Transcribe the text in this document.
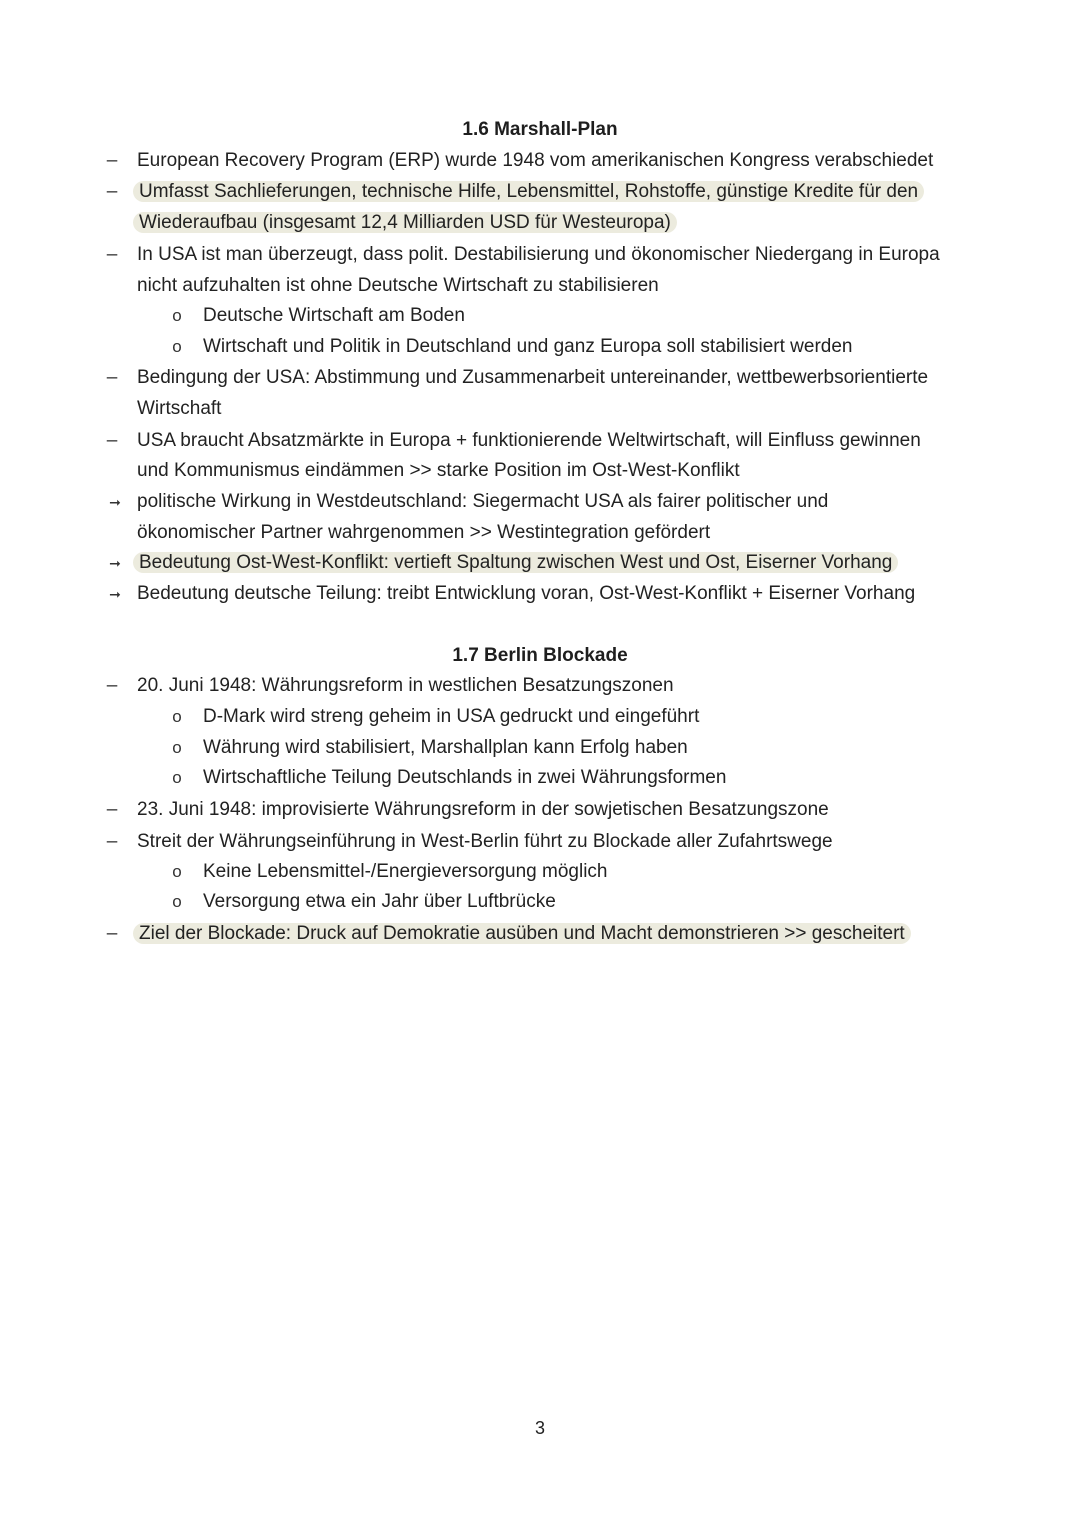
1.6 Marshall-Plan
– European Recovery Program (ERP) wurde 1948 vom amerikanischen Kongress verabschiedet
– Umfasst Sachlieferungen, technische Hilfe, Lebensmittel, Rohstoffe, günstige Kredite für den
Wiederaufbau (insgesamt 12,4 Milliarden USD für Westeuropa)
– In USA ist man überzeugt, dass polit. Destabilisierung und ökonomischer Niedergang in Europa
nicht aufzuhalten ist ohne Deutsche Wirtschaft zu stabilisieren
o Deutsche Wirtschaft am Boden
o Wirtschaft und Politik in Deutschland und ganz Europa soll stabilisiert werden
– Bedingung der USA: Abstimmung und Zusammenarbeit untereinander, wettbewerbsorientierte
Wirtschaft
– USA braucht Absatzmärkte in Europa + funktionierende Weltwirtschaft, will Einfluss gewinnen
und Kommunismus eindämmen >> starke Position im Ost-West-Konflikt
➞ politische Wirkung in Westdeutschland: Siegermacht USA als fairer politischer und
ökonomischer Partner wahrgenommen >> Westintegration gefördert
➞ Bedeutung Ost-West-Konflikt: vertieft Spaltung zwischen West und Ost, Eiserner Vorhang
➞ Bedeutung deutsche Teilung: treibt Entwicklung voran, Ost-West-Konflikt + Eiserner Vorhang
1.7 Berlin Blockade
– 20. Juni 1948: Währungsreform in westlichen Besatzungszonen
o D-Mark wird streng geheim in USA gedruckt und eingeführt
o Währung wird stabilisiert, Marshallplan kann Erfolg haben
o Wirtschaftliche Teilung Deutschlands in zwei Währungsformen
– 23. Juni 1948: improvisierte Währungsreform in der sowjetischen Besatzungszone
– Streit der Währungseinführung in West-Berlin führt zu Blockade aller Zufahrtswege
o Keine Lebensmittel-/Energieversorgung möglich
o Versorgung etwa ein Jahr über Luftbrücke
– Ziel der Blockade: Druck auf Demokratie ausüben und Macht demonstrieren >> gescheitert
3
